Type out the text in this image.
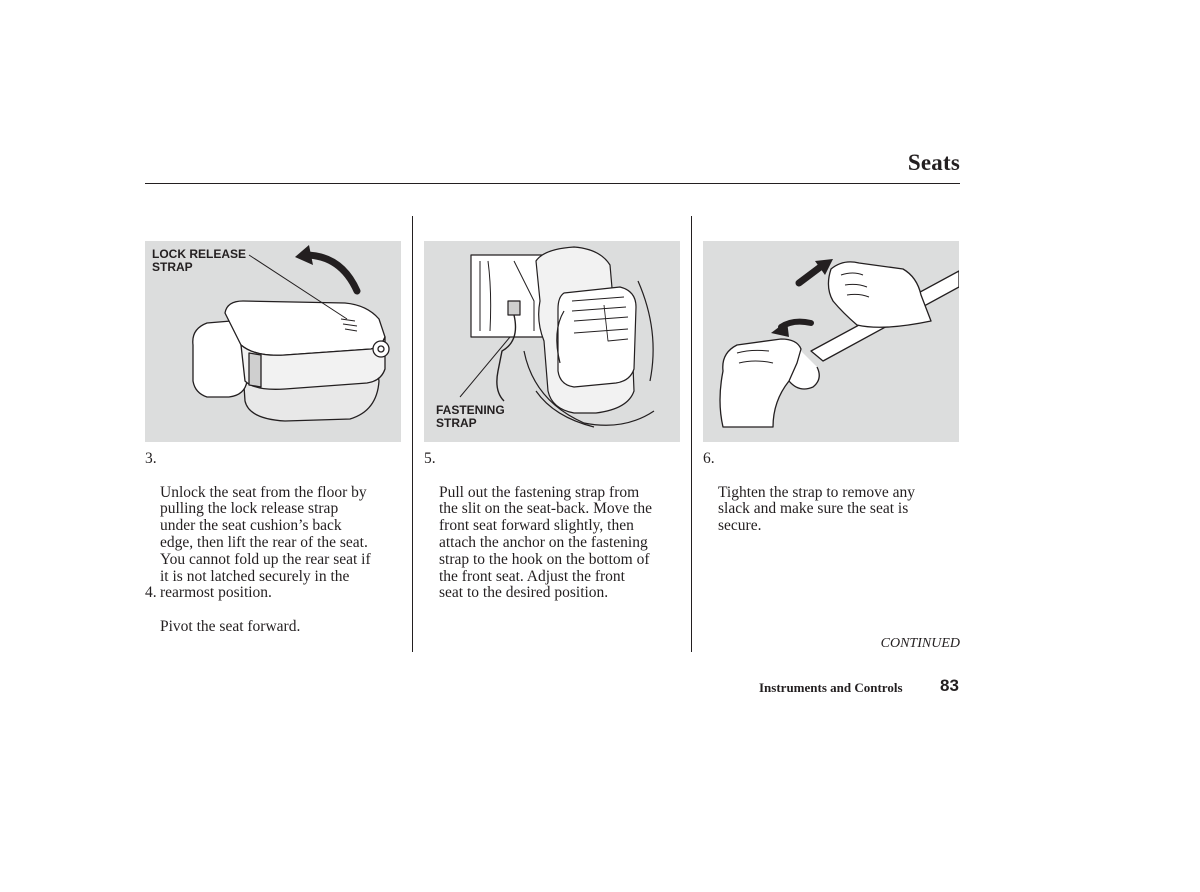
Seats
LOCK RELEASE
STRAP
FASTENING
STRAP

3.

Unlock the seat from the floor by
pulling the lock release strap
under the seat cushion’s back
edge, then lift the rear of the seat.
You cannot fold up the rear seat if
it is not latched securely in the
rearmost position.

4.

Pivot the seat forward.

5.

Pull out the fastening strap from
the slit on the seat-back. Move the
front seat forward slightly, then
attach the anchor on the fastening
strap to the hook on the bottom of
the front seat. Adjust the front
seat to the desired position.

6.

Tighten the strap to remove any
slack and make sure the seat is
secure.

CONTINUED
Instruments and Controls 83
